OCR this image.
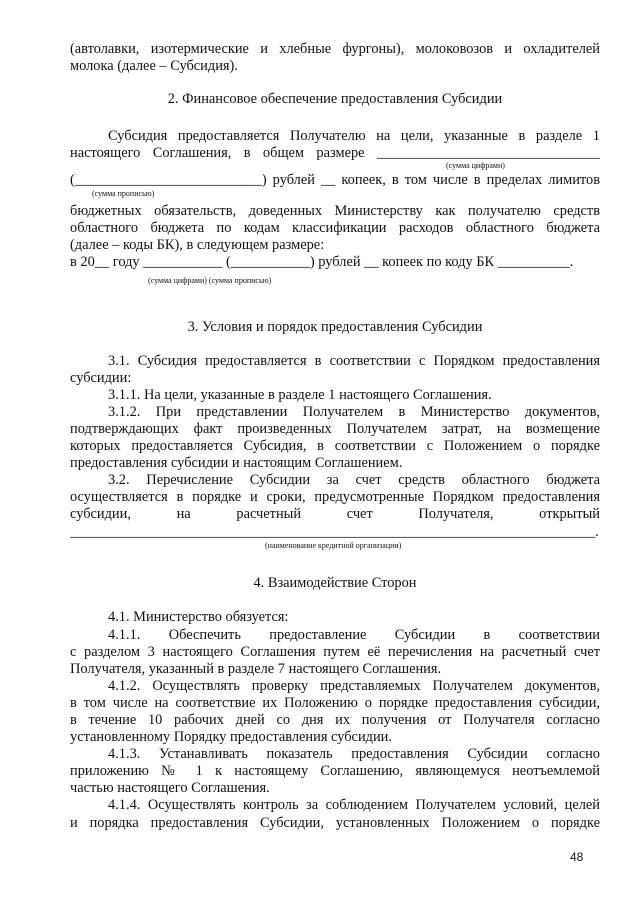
(автолавки, изотермические и хлебные фургоны), молоковозов и охладителей
молока (далее – Субсидия).
2. Финансовое обеспечение предоставления Субсидии
Субсидия предоставляется Получателю на цели, указанные в разделе 1
настоящего Соглашения, в общем размере _______________________________
(сумма цифрами)
(__________________________) рублей __ копеек, в том числе в пределах лимитов
(сумма прописью)
бюджетных обязательств, доведенных Министерству как получателю средств
областного бюджета по кодам классификации расходов областного бюджета
(далее – коды БК), в следующем размере:
в 20__ году ___________ (___________) рублей __ копеек по коду БК __________.
(сумма цифрами) (сумма прописью)
3. Условия и порядок предоставления Субсидии
3.1. Субсидия предоставляется в соответствии с Порядком предоставления
субсидии:
3.1.1. На цели, указанные в разделе 1 настоящего Соглашения.
3.1.2. При представлении Получателем в Министерство документов,
подтверждающих факт произведенных Получателем затрат, на возмещение
которых предоставляется Субсидия, в соответствии с Положением о порядке
предоставления субсидии и настоящим Соглашением.
3.2. Перечисление Субсидии за счет средств областного бюджета
осуществляется в порядке и сроки, предусмотренные Порядком предоставления
субсидии, на расчетный счет Получателя, открытый
_________________________________________________________________________.
(наименование кредитной организации)
4. Взаимодействие Сторон
4.1. Министерство обязуется:
4.1.1. Обеспечить предоставление Субсидии в соответствии
с разделом 3 настоящего Соглашения путем её перечисления на расчетный счет
Получателя, указанный в разделе 7 настоящего Соглашения.
4.1.2. Осуществлять проверку представляемых Получателем документов,
в том числе на соответствие их Положению о порядке предоставления субсидии,
в течение 10 рабочих дней со дня их получения от Получателя согласно
установленному Порядку предоставления субсидии.
4.1.3. Устанавливать показатель предоставления Субсидии согласно
приложению № 1 к настоящему Соглашению, являющемуся неотъемлемой
частью настоящего Соглашения.
4.1.4. Осуществлять контроль за соблюдением Получателем условий, целей
и порядка предоставления Субсидии, установленных Положением о порядке
48
